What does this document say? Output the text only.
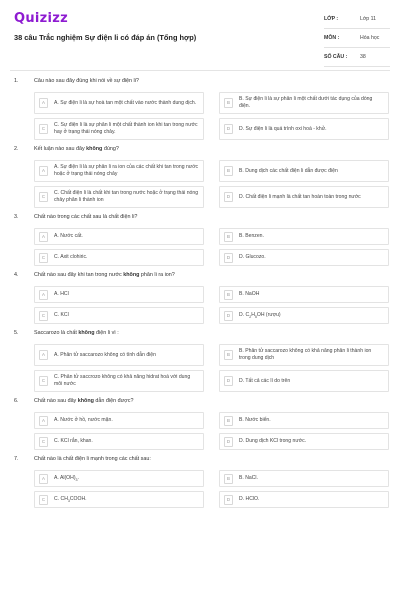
Quizizz
38 câu Trắc nghiệm Sự điện li có đáp án (Tổng hợp)
LỚP :	Lớp 11
MÔN :	Hóa học
SỐ CÂU :	38
1.	Câu nào sau đây đúng khi nói về sự điện li?
A	A. Sự điện li là sự hoà tan một chất vào nước thành dung dịch.	B
B. Sự điện li là sự phân li một chất dưới tác dụng của dòng điện.
C
C. Sự điện li là sự phân li một chất thành ion khi tan trong nước hay ở trạng thái nóng chảy.
D	D. Sự điện li là quá trình oxi hoá - khử.
2.	Kết luận nào sau đây không đúng?
A
A. Sự điện li là sự phân li ra ion của các chất khi tan trong nước hoặc ở trạng thái nóng chảy
B	B. Dung dịch các chất điện li dẫn được điện
C
C. Chất điện li là chất khi tan trong nước hoặc ở trạng thái nóng chảy phân li thành ion
D	D. Chất điện li mạnh là chất tan hoàn toàn trong nước
3.	Chất nào trong các chất sau là chất điện li?
A	A. Nước cất.	B	B. Benzen.
C	C. Axit clohiric.	D	D. Glucozo.
4.	Chất nào sau đây khi tan trong nước không phân li ra ion?
A	A. HCl	B	B. NaOH
C	C. KCl	D	D. $C_2H_5OH$ (rượu)
5.	Saccarozo là chất không điện li vì :
A	A. Phân tử saccarozo không có tính dẫn điện	B
B. Phân tử saccarozo không có khả năng phân li thành ion trong dung dịch
C
C. Phân tử saccrozo không có khả năng hidrat hoá với dung môi nước
D	D. Tất cả các lí do trên
6.	Chất nào sau đây không dẫn điện được?
A	A. Nước ở hồ, nước mặn.	B	B. Nước biển.
C	C. KCl rắn, khan.	D	D. Dung dịch KCl trong nước.
7.	Chất nào là chất điện li mạnh trong các chất sau:
A	A. $Al(OH)_3$.	B	B. NaCl.
C	C. $CH_3COOH$.	D	D. HClO.
